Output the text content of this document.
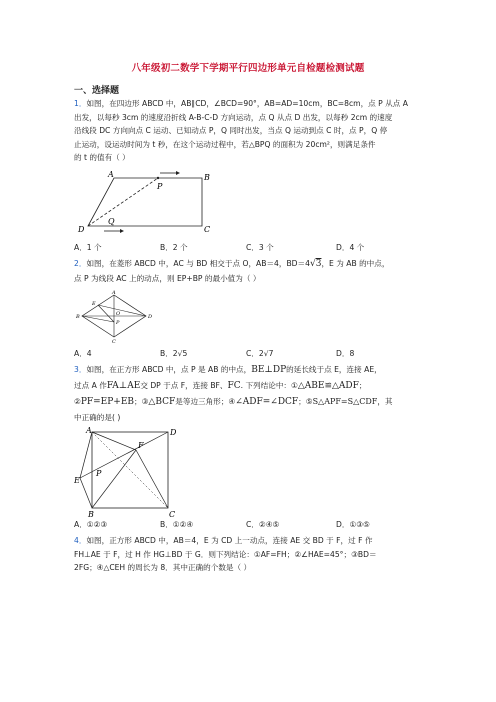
八年级初二数学下学期平行四边形单元自检题检测试题
一、选择题
1．如图，在四边形 ABCD 中，AB∥CD，∠BCD=90°，AB=AD=10cm，BC=8cm，点 P 从点 A
出发，以每秒 3cm 的速度沿折线 A-B-C-D 方向运动，点 Q 从点 D 出发，以每秒 2cm 的速度
沿线段 DC 方向向点 C 运动、已知动点 P，Q 同时出发，当点 Q 运动到点 C 时，点 P，Q 停
止运动，设运动时间为 t 秒，在这个运动过程中，若△BPQ 的面积为 20cm²，则满足条件
的 t 的值有（ ）
A	B
C
D
P
Q
A．1 个	B．2 个	C．3 个	D．4 个
2．如图，在菱形 ABCD 中，AC 与 BD 相交于点 O，AB＝4，BD＝4√3，E 为 AB 的中点，
点 P 为线段 AC 上的动点，则 EP+BP 的最小值为（ ）
A
B
C
D
E
P
O
A．4	B．2√5	C．2√7	D．8
3．如图，在正方形 ABCD 中，点 P 是 AB 的中点，BE⊥DP的延长线于点 E，连接 AE，
过点 A 作FA⊥AE交 DP 于点 F，连接 BF、FC. 下列结论中：①△ABE≌△ADF；
②PF=EP+EB；③△BCF是等边三角形；④∠ADF=∠DCF；⑤S△APF=S△CDF，其
中正确的是( )
A
B	C
D
E
F
P
A．①②③	B．①②④	C．②④⑤	D．①③⑤
4．如图，正方形 ABCD 中，AB＝4，E 为 CD 上一动点，连接 AE 交 BD 于 F，过 F 作
FH⊥AE 于 F，过 H 作 HG⊥BD 于 G．则下列结论：①AF=FH；②∠HAE=45°；③BD＝
2FG；④△CEH 的周长为 8．其中正确的个数是（ ）
